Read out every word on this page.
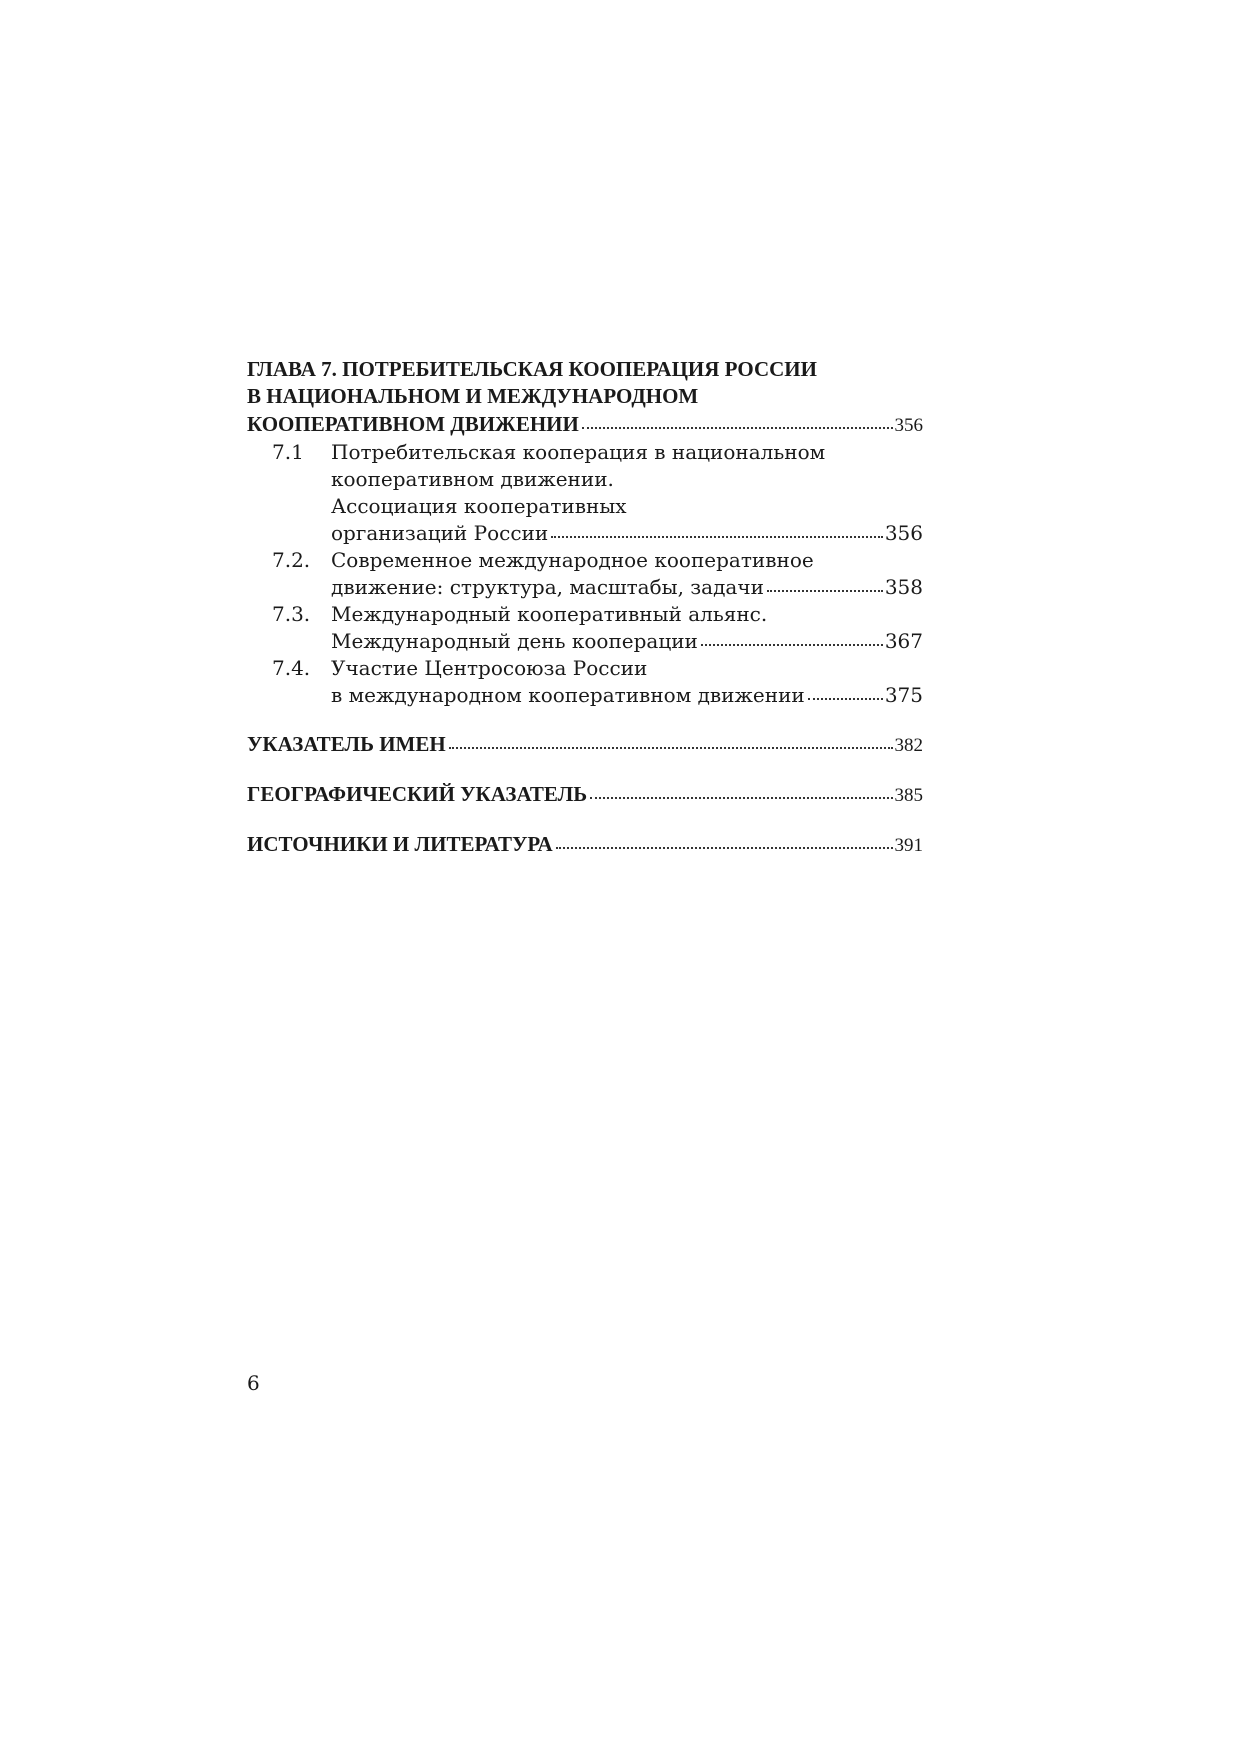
ГЛАВА 7. ПОТРЕБИТЕЛЬСКАЯ КООПЕРАЦИЯ РОССИИ
В НАЦИОНАЛЬНОМ И МЕЖДУНАРОДНОМ
КООПЕРАТИВНОМ ДВИЖЕНИИ	356
7.1	Потребительская кооперация в национальном
кооперативном движении.
Ассоциация кооперативных
организаций России	356
7.2.	Современное международное кооперативное
движение: структура, масштабы, задачи	358
7.3.	Международный кооперативный альянс.
Международный день кооперации	367
7.4.	Участие Центросоюза России
в международном кооперативном движении	375
УКАЗАТЕЛЬ ИМЕН	382
ГЕОГРАФИЧЕСКИЙ УКАЗАТЕЛЬ	385
ИСТОЧНИКИ И ЛИТЕРАТУРА	391
6
